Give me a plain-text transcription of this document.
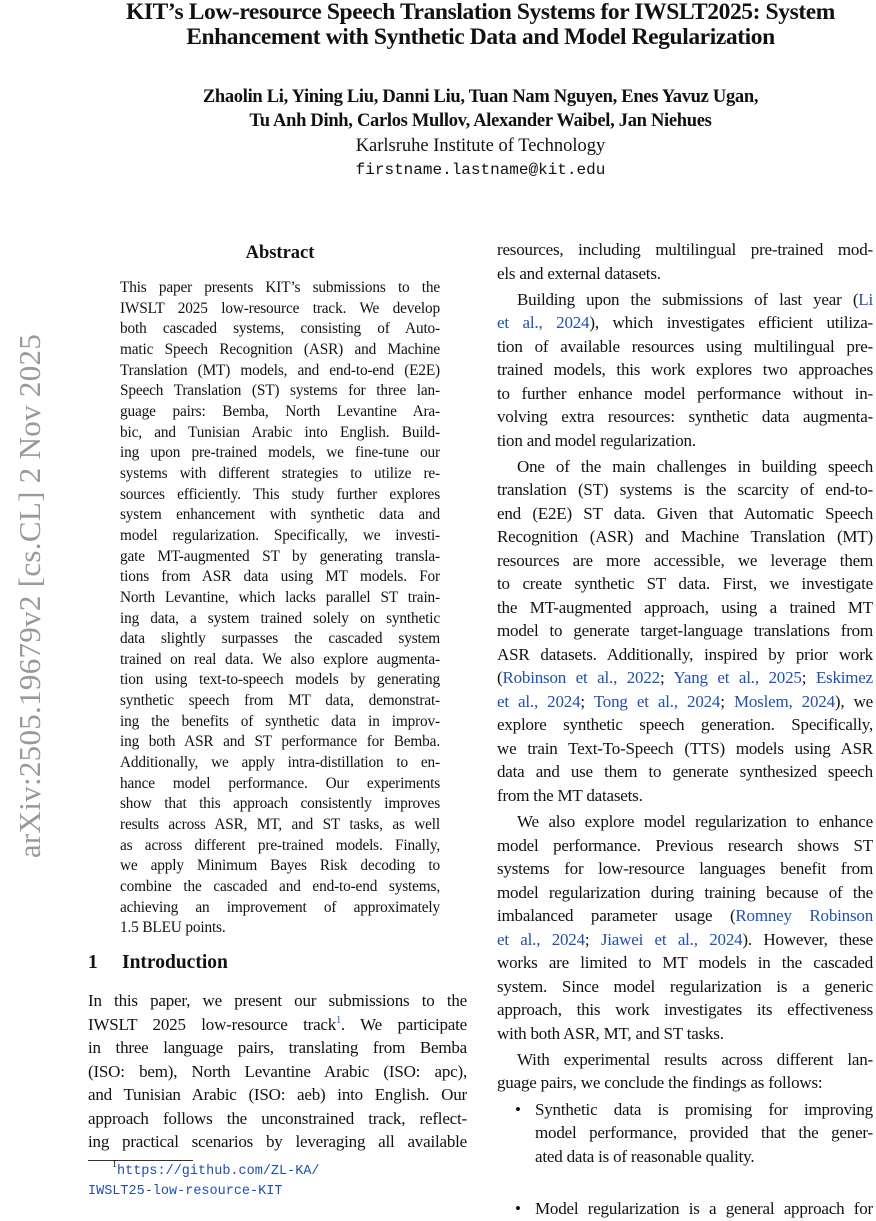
KIT’s Low-resource Speech Translation Systems for IWSLT2025: System
Enhancement with Synthetic Data and Model Regularization
Zhaolin Li, Yining Liu, Danni Liu, Tuan Nam Nguyen, Enes Yavuz Ugan,
Tu Anh Dinh, Carlos Mullov, Alexander Waibel, Jan Niehues
Karlsruhe Institute of Technology
firstname.lastname@kit.edu
arXiv:2505.19679v2 [cs.CL] 2 Nov 2025
Abstract
This paper presents KIT’s submissions to the
IWSLT 2025 low-resource track. We develop
both cascaded systems, consisting of Auto-
matic Speech Recognition (ASR) and Machine
Translation (MT) models, and end-to-end (E2E)
Speech Translation (ST) systems for three lan-
guage pairs: Bemba, North Levantine Ara-
bic, and Tunisian Arabic into English. Build-
ing upon pre-trained models, we fine-tune our
systems with different strategies to utilize re-
sources efficiently. This study further explores
system enhancement with synthetic data and
model regularization. Specifically, we investi-
gate MT-augmented ST by generating transla-
tions from ASR data using MT models. For
North Levantine, which lacks parallel ST train-
ing data, a system trained solely on synthetic
data slightly surpasses the cascaded system
trained on real data. We also explore augmenta-
tion using text-to-speech models by generating
synthetic speech from MT data, demonstrat-
ing the benefits of synthetic data in improv-
ing both ASR and ST performance for Bemba.
Additionally, we apply intra-distillation to en-
hance model performance. Our experiments
show that this approach consistently improves
results across ASR, MT, and ST tasks, as well
as across different pre-trained models. Finally,
we apply Minimum Bayes Risk decoding to
combine the cascaded and end-to-end systems,
achieving an improvement of approximately
1.5 BLEU points.
1 Introduction
In this paper, we present our submissions to the
IWSLT 2025 low-resource track$^1$. We participate
in three language pairs, translating from Bemba
(ISO: bem), North Levantine Arabic (ISO: apc),
and Tunisian Arabic (ISO: aeb) into English. Our
approach follows the unconstrained track, reflect-
ing practical scenarios by leveraging all available
resources, including multilingual pre-trained mod-
els and external datasets.
Building upon the submissions of last year (Li
et al., 2024), which investigates efficient utiliza-
tion of available resources using multilingual pre-
trained models, this work explores two approaches
to further enhance model performance without in-
volving extra resources: synthetic data augmenta-
tion and model regularization.
One of the main challenges in building speech
translation (ST) systems is the scarcity of end-to-
end (E2E) ST data. Given that Automatic Speech
Recognition (ASR) and Machine Translation (MT)
resources are more accessible, we leverage them
to create synthetic ST data. First, we investigate
the MT-augmented approach, using a trained MT
model to generate target-language translations from
ASR datasets. Additionally, inspired by prior work
(Robinson et al., 2022; Yang et al., 2025; Eskimez
et al., 2024; Tong et al., 2024; Moslem, 2024), we
explore synthetic speech generation. Specifically,
we train Text-To-Speech (TTS) models using ASR
data and use them to generate synthesized speech
from the MT datasets.
We also explore model regularization to enhance
model performance. Previous research shows ST
systems for low-resource languages benefit from
model regularization during training because of the
imbalanced parameter usage (Romney Robinson
et al., 2024; Jiawei et al., 2024). However, these
works are limited to MT models in the cascaded
system. Since model regularization is a generic
approach, this work investigates its effectiveness
with both ASR, MT, and ST tasks.
With experimental results across different lan-
guage pairs, we conclude the findings as follows:
• Synthetic data is promising for improving
model performance, provided that the gener-
ated data is of reasonable quality.
• Model regularization is a general approach for
$^1$https://github.com/ZL-KA/
IWSLT25-low-resource-KIT
